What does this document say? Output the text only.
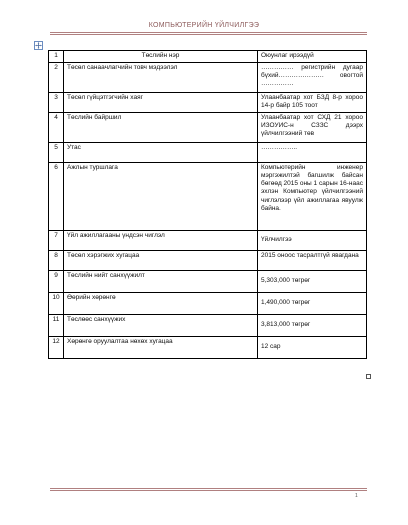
КОМПЬЮТЕРИЙН ҮЙЛЧИЛГЭЭ
1	Төслийн нэр	Оюунлаг ирээдүй
2	Төсөл санаачлагчийн товч мэдээлэл	…………… регистрийн дугаар бүхий………………… овогтой ……………
3	Төсөл гүйцэтгэгчийн хаяг	Улаанбаатар хот БЗД 8-р хороо 14-р байр 105 тоот
4	Төслийн байршил	Улаанбаатар хот СХД 21 хороо ИЗОУИС-н СЗЗС дээрх үйлчилгээний төв
5	Утас	……………..
6	Ажлын туршлага	Компьютерийн инженер мэргэжилтэй багшилж байсан бөгөөд 2015 оны 1 сарын 16-наас эхлэн Компьютер үйлчилгээний чиглэлээр үйл ажиллагаа явуулж байна.
7	Үйл ажиллагааны үндсэн чиглэл	Үйлчилгээ
8	Төсөл хэрэгжих хугацаа	2015 оноос тасралтгүй явагдана
9	Төслийн нийт санхүүжилт	5,303,000 төгрөг
10	Өөрийн хөрөнгө	1,490,000 төгрөг
11	Төслөөс санхүүжих	3,813,000 төгрөг
12	Хөрөнгө оруулалтаа нөхөх хугацаа	12 сар
1
